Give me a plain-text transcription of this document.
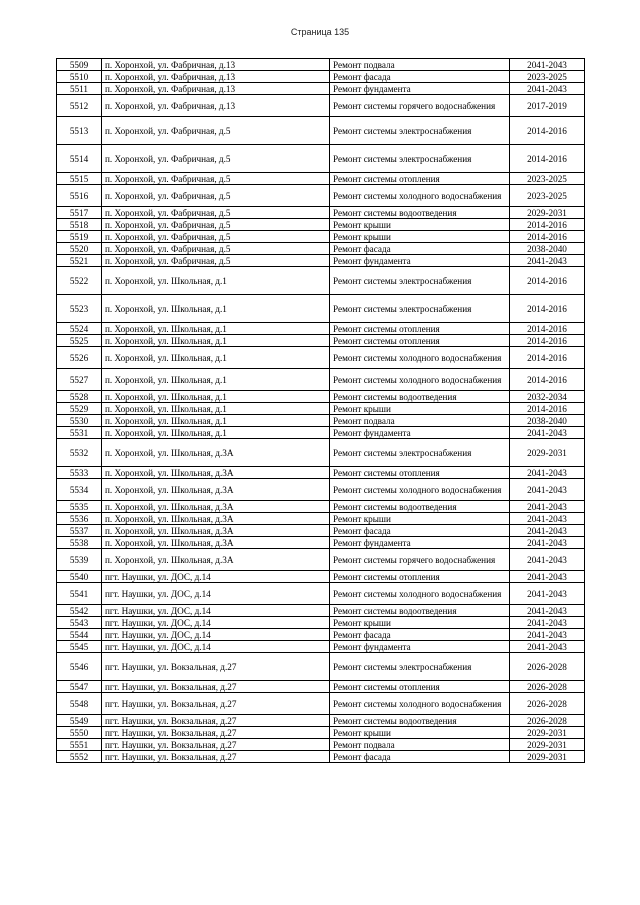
Страница 135
5509	п. Хоронхой, ул. Фабричная, д.13	Ремонт подвала	2041-2043
5510	п. Хоронхой, ул. Фабричная, д.13	Ремонт фасада	2023-2025
5511	п. Хоронхой, ул. Фабричная, д.13	Ремонт фундамента	2041-2043
5512	п. Хоронхой, ул. Фабричная, д.13	Ремонт системы горячего водоснабжения	2017-2019
5513	п. Хоронхой, ул. Фабричная, д.5	Ремонт системы электроснабжения	2014-2016
5514	п. Хоронхой, ул. Фабричная, д.5	Ремонт системы электроснабжения	2014-2016
5515	п. Хоронхой, ул. Фабричная, д.5	Ремонт системы отопления	2023-2025
5516	п. Хоронхой, ул. Фабричная, д.5	Ремонт системы холодного водоснабжения	2023-2025
5517	п. Хоронхой, ул. Фабричная, д.5	Ремонт системы водоотведения	2029-2031
5518	п. Хоронхой, ул. Фабричная, д.5	Ремонт крыши	2014-2016
5519	п. Хоронхой, ул. Фабричная, д.5	Ремонт крыши	2014-2016
5520	п. Хоронхой, ул. Фабричная, д.5	Ремонт фасада	2038-2040
5521	п. Хоронхой, ул. Фабричная, д.5	Ремонт фундамента	2041-2043
5522	п. Хоронхой, ул. Школьная, д.1	Ремонт системы электроснабжения	2014-2016
5523	п. Хоронхой, ул. Школьная, д.1	Ремонт системы электроснабжения	2014-2016
5524	п. Хоронхой, ул. Школьная, д.1	Ремонт системы отопления	2014-2016
5525	п. Хоронхой, ул. Школьная, д.1	Ремонт системы отопления	2014-2016
5526	п. Хоронхой, ул. Школьная, д.1	Ремонт системы холодного водоснабжения	2014-2016
5527	п. Хоронхой, ул. Школьная, д.1	Ремонт системы холодного водоснабжения	2014-2016
5528	п. Хоронхой, ул. Школьная, д.1	Ремонт системы водоотведения	2032-2034
5529	п. Хоронхой, ул. Школьная, д.1	Ремонт крыши	2014-2016
5530	п. Хоронхой, ул. Школьная, д.1	Ремонт подвала	2038-2040
5531	п. Хоронхой, ул. Школьная, д.1	Ремонт фундамента	2041-2043
5532	п. Хоронхой, ул. Школьная, д.3А	Ремонт системы электроснабжения	2029-2031
5533	п. Хоронхой, ул. Школьная, д.3А	Ремонт системы отопления	2041-2043
5534	п. Хоронхой, ул. Школьная, д.3А	Ремонт системы холодного водоснабжения	2041-2043
5535	п. Хоронхой, ул. Школьная, д.3А	Ремонт системы водоотведения	2041-2043
5536	п. Хоронхой, ул. Школьная, д.3А	Ремонт крыши	2041-2043
5537	п. Хоронхой, ул. Школьная, д.3А	Ремонт фасада	2041-2043
5538	п. Хоронхой, ул. Школьная, д.3А	Ремонт фундамента	2041-2043
5539	п. Хоронхой, ул. Школьная, д.3А	Ремонт системы горячего водоснабжения	2041-2043
5540	пгт. Наушки, ул. ДОС, д.14	Ремонт системы отопления	2041-2043
5541	пгт. Наушки, ул. ДОС, д.14	Ремонт системы холодного водоснабжения	2041-2043
5542	пгт. Наушки, ул. ДОС, д.14	Ремонт системы водоотведения	2041-2043
5543	пгт. Наушки, ул. ДОС, д.14	Ремонт крыши	2041-2043
5544	пгт. Наушки, ул. ДОС, д.14	Ремонт фасада	2041-2043
5545	пгт. Наушки, ул. ДОС, д.14	Ремонт фундамента	2041-2043
5546	пгт. Наушки, ул. Вокзальная, д.27	Ремонт системы электроснабжения	2026-2028
5547	пгт. Наушки, ул. Вокзальная, д.27	Ремонт системы отопления	2026-2028
5548	пгт. Наушки, ул. Вокзальная, д.27	Ремонт системы холодного водоснабжения	2026-2028
5549	пгт. Наушки, ул. Вокзальная, д.27	Ремонт системы водоотведения	2026-2028
5550	пгт. Наушки, ул. Вокзальная, д.27	Ремонт крыши	2029-2031
5551	пгт. Наушки, ул. Вокзальная, д.27	Ремонт подвала	2029-2031
5552	пгт. Наушки, ул. Вокзальная, д.27	Ремонт фасада	2029-2031
